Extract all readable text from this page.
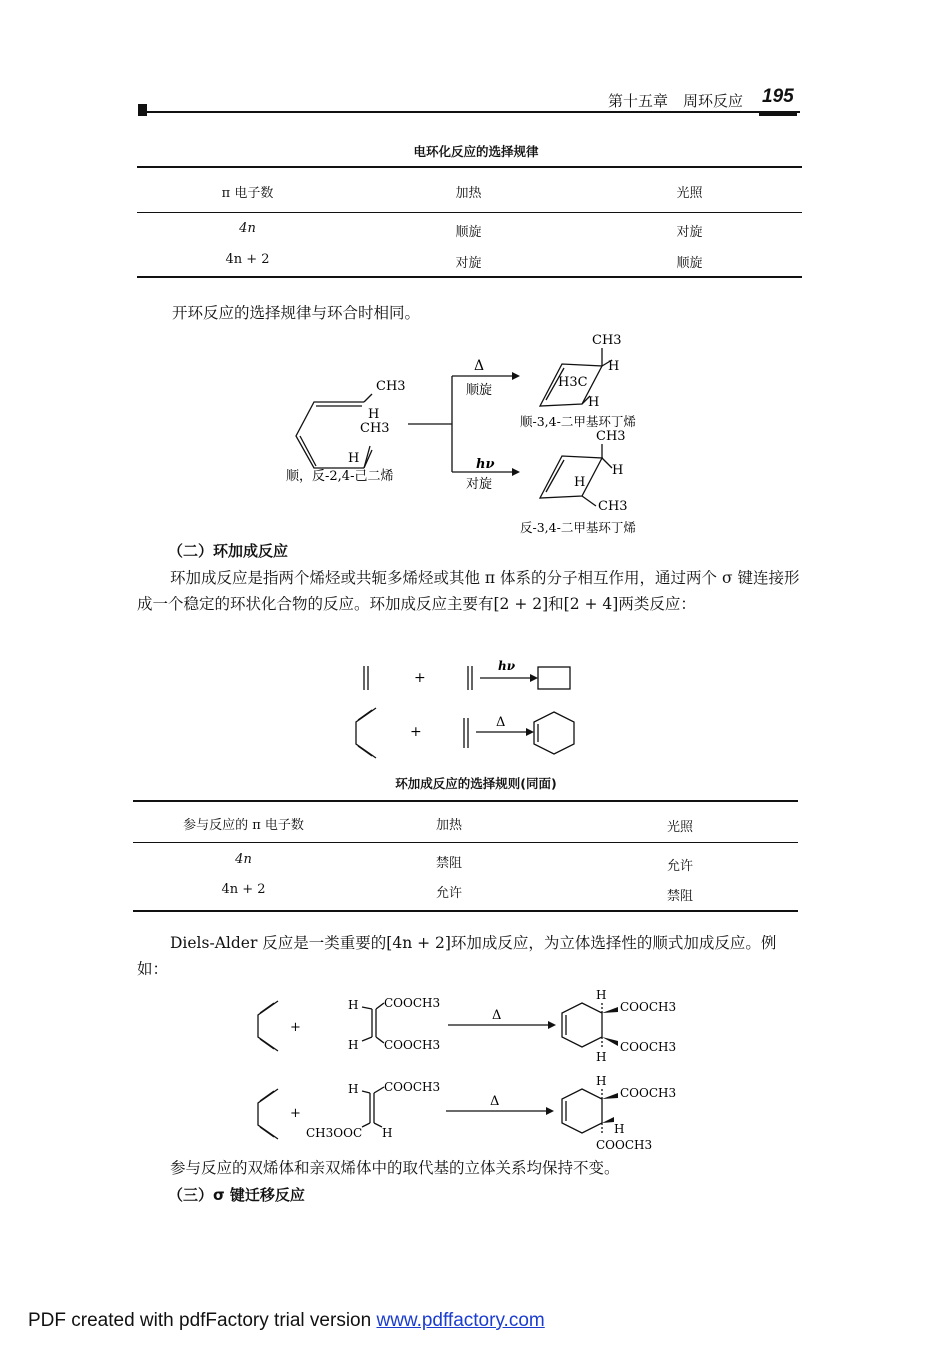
第十五章　周环反应 195
电环化反应的选择规律
π 电子数	加热	光照
4n	顺旋	对旋
4n + 2	对旋	顺旋
开环反应的选择规律与环合时相同。
CH3
H
CH3
H
顺，反-2,4-己二烯
Δ
顺旋
CH3
H
H3C
H
顺-3,4-二甲基环丁烯
hν
对旋
CH3
H
H
CH3
反-3,4-二甲基环丁烯
（二）环加成反应
环加成反应是指两个烯烃或共轭多烯烃或其他 π 体系的分子相互作用，通过两个 σ 键连接形成一个稳定的环状化合物的反应。环加成反应主要有[2 + 2]和[2 + 4]两类反应：
+
hν
+
Δ
环加成反应的选择规则(同面)
参与反应的 π 电子数	加热	光照
4n	禁阻	允许
4n + 2	允许	禁阻
Diels-Alder 反应是一类重要的[4n + 2]环加成反应，为立体选择性的顺式加成反应。例如：
+
H COOCH3
H COOCH3
Δ
H
COOCH3
COOCH3
H
+
H COOCH3
CH3OOC H
Δ
H
COOCH3
H
COOCH3
参与反应的双烯体和亲双烯体中的取代基的立体关系均保持不变。
（三）σ 键迁移反应
PDF created with pdfFactory trial version www.pdffactory.com
